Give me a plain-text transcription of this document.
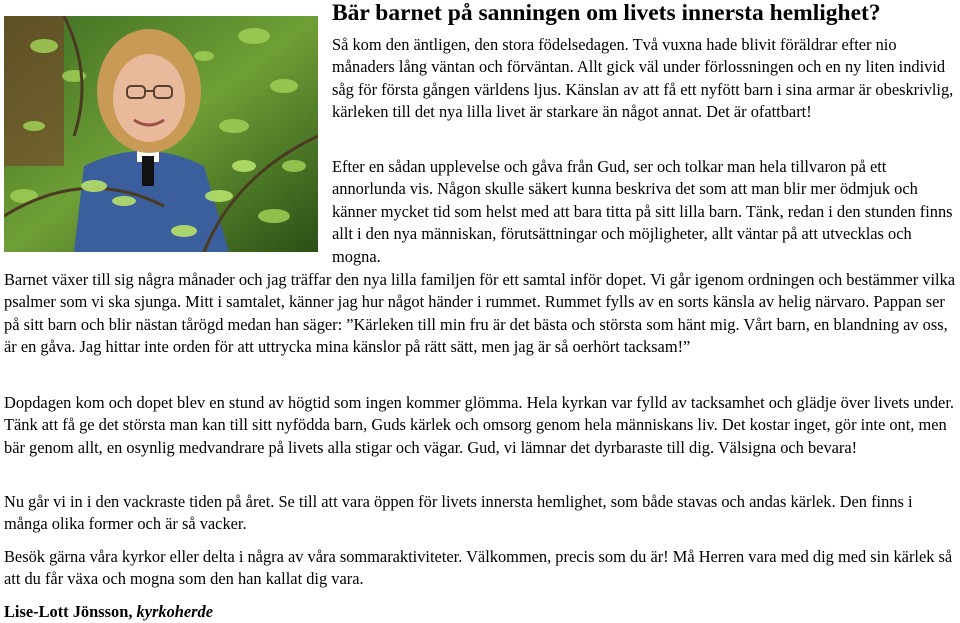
Bär barnet på sanningen om livets innersta hemlighet?

Så kom den äntligen, den stora födelsedagen. Två vuxna hade blivit föräldrar efter nio månaders lång väntan och förväntan. Allt gick väl under förlossningen och en ny liten individ såg för första gången världens ljus. Känslan av att få ett nyfött barn i sina armar är obeskrivlig, kärleken till det nya lilla livet är starkare än något annat. Det är ofattbart!

Efter en sådan upplevelse och gåva från Gud, ser och tolkar man hela tillvaron på ett annorlunda vis. Någon skulle säkert kunna beskriva det som att man blir mer ödmjuk och känner mycket tid som helst med att bara titta på sitt lilla barn. Tänk, redan i den stunden finns allt i den nya människan, förutsättningar och möjligheter, allt väntar på att utvecklas och mogna.

Barnet växer till sig några månader och jag träffar den nya lilla familjen för ett samtal inför dopet. Vi går igenom ordningen och bestämmer vilka psalmer som vi ska sjunga. Mitt i samtalet, känner jag hur något händer i rummet. Rummet fylls av en sorts känsla av helig närvaro. Pappan ser på sitt barn och blir nästan tårögd medan han säger: ”Kärleken till min fru är det bästa och största som hänt mig. Vårt barn, en blandning av oss, är en gåva. Jag hittar inte orden för att uttrycka mina känslor på rätt sätt, men jag är så oerhört tacksam!”

Dopdagen kom och dopet blev en stund av högtid som ingen kommer glömma. Hela kyrkan var fylld av tacksamhet och glädje över livets under. Tänk att få ge det största man kan till sitt nyfödda barn, Guds kärlek och omsorg genom hela människans liv. Det kostar inget, gör inte ont, men bär genom allt, en osynlig medvandrare på livets alla stigar och vägar. Gud, vi lämnar det dyrbaraste till dig. Välsigna och bevara!

Nu går vi in i den vackraste tiden på året. Se till att vara öppen för livets innersta hemlighet, som både stavas och andas kärlek. Den finns i många olika former och är så vacker.

Besök gärna våra kyrkor eller delta i några av våra sommaraktiviteter. Välkommen, precis som du är! Må Herren vara med dig med sin kärlek så att du får växa och mogna som den han kallat dig vara.

Lise-Lott Jönsson, kyrkoherde
